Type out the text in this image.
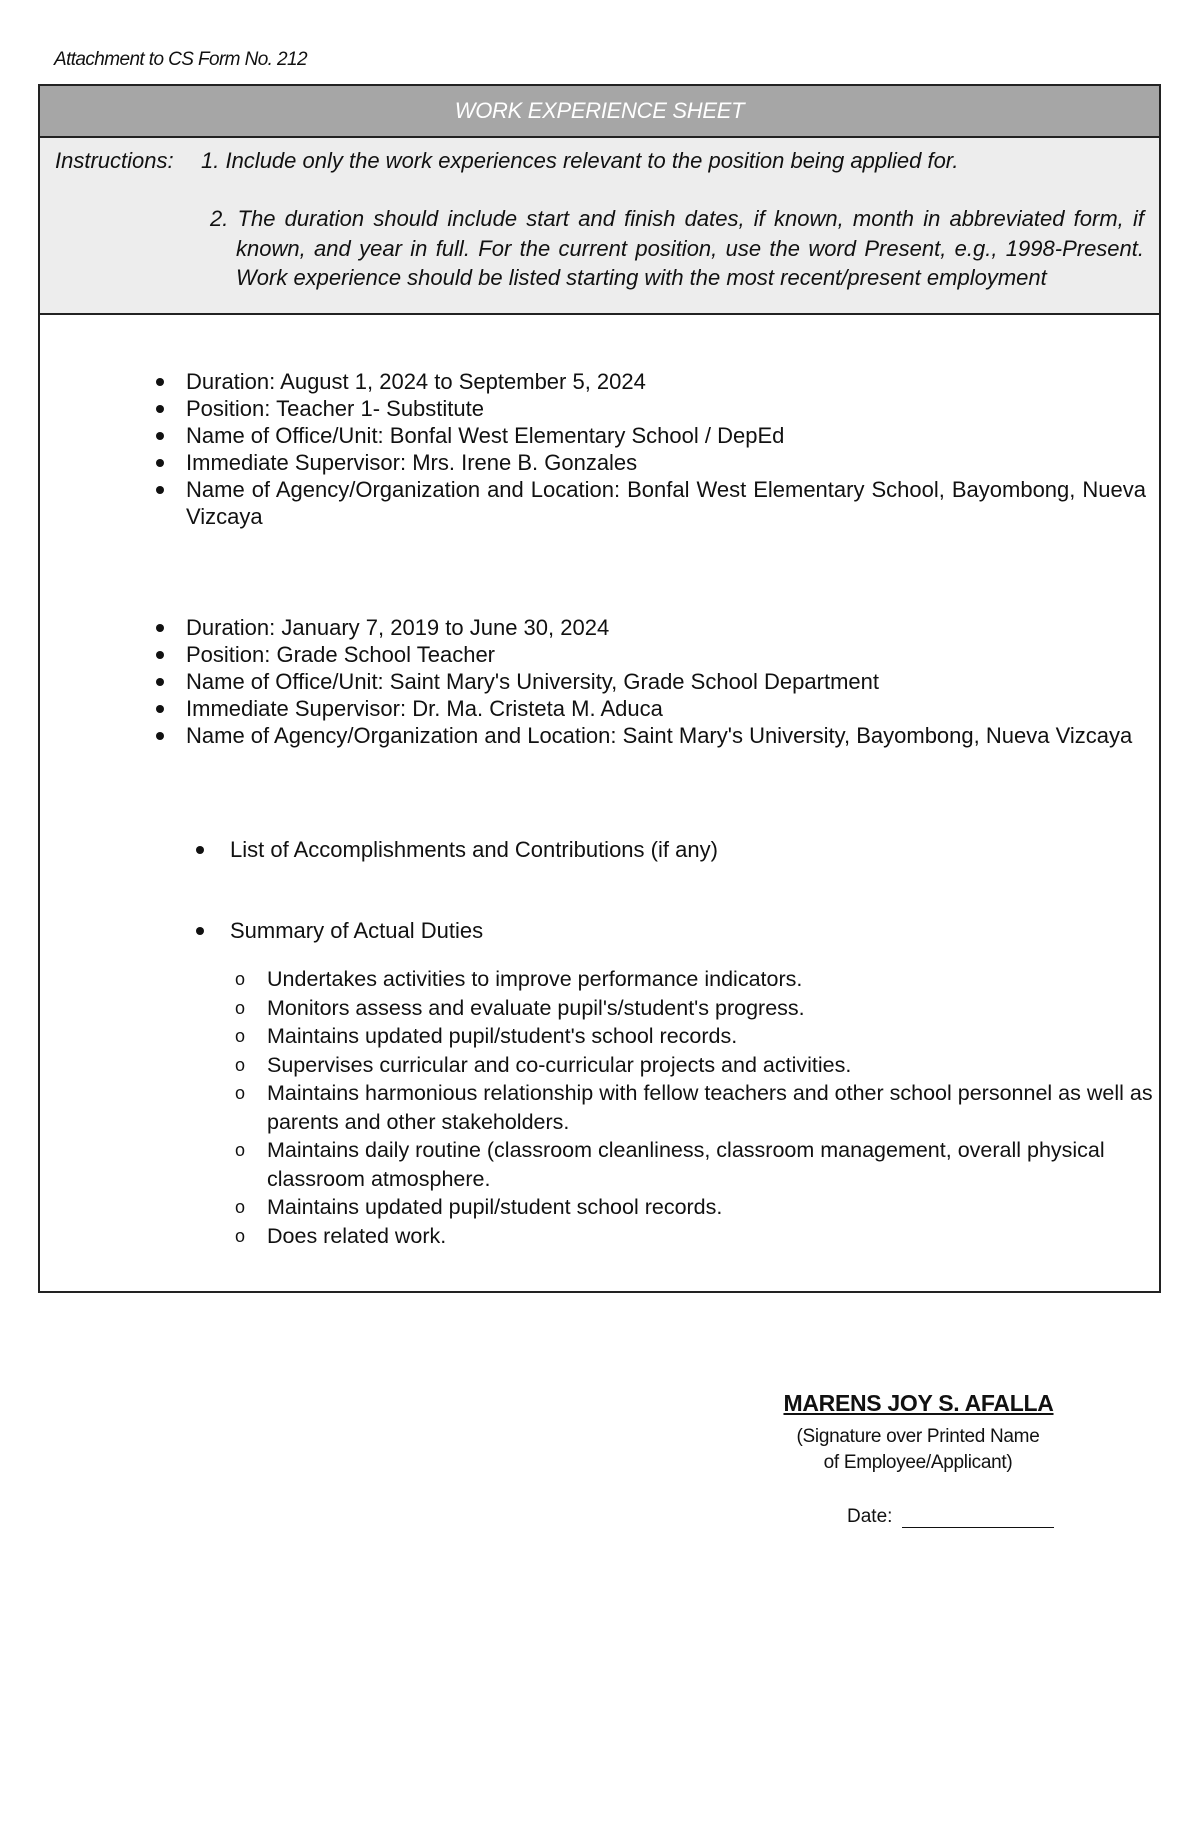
Attachment to CS Form No. 212
WORK EXPERIENCE SHEET
Instructions: 1. Include only the work experiences relevant to the position being applied for.
2. The duration should include start and finish dates, if known, month in abbreviated form, if known, and year in full. For the current position, use the word Present, e.g., 1998-Present. Work experience should be listed starting with the most recent/present employment
Duration: August 1, 2024 to September 5, 2024
Position: Teacher 1- Substitute
Name of Office/Unit: Bonfal West Elementary School / DepEd
Immediate Supervisor: Mrs. Irene B. Gonzales
Name of Agency/Organization and Location: Bonfal West Elementary School, Bayombong, Nueva Vizcaya
Duration: January 7, 2019 to June 30, 2024
Position: Grade School Teacher
Name of Office/Unit: Saint Mary's University, Grade School Department
Immediate Supervisor: Dr. Ma. Cristeta M. Aduca
Name of Agency/Organization and Location: Saint Mary's University, Bayombong, Nueva Vizcaya
List of Accomplishments and Contributions (if any)
Summary of Actual Duties
o Undertakes activities to improve performance indicators.
o Monitors assess and evaluate pupil's/student's progress.
o Maintains updated pupil/student's school records.
o Supervises curricular and co-curricular projects and activities.
o Maintains harmonious relationship with fellow teachers and other school personnel as well as parents and other stakeholders.
o Maintains daily routine (classroom cleanliness, classroom management, overall physical classroom atmosphere.
o Maintains updated pupil/student school records.
o Does related work.
MARENS JOY S. AFALLA
(Signature over Printed Name
of Employee/Applicant)
Date:
